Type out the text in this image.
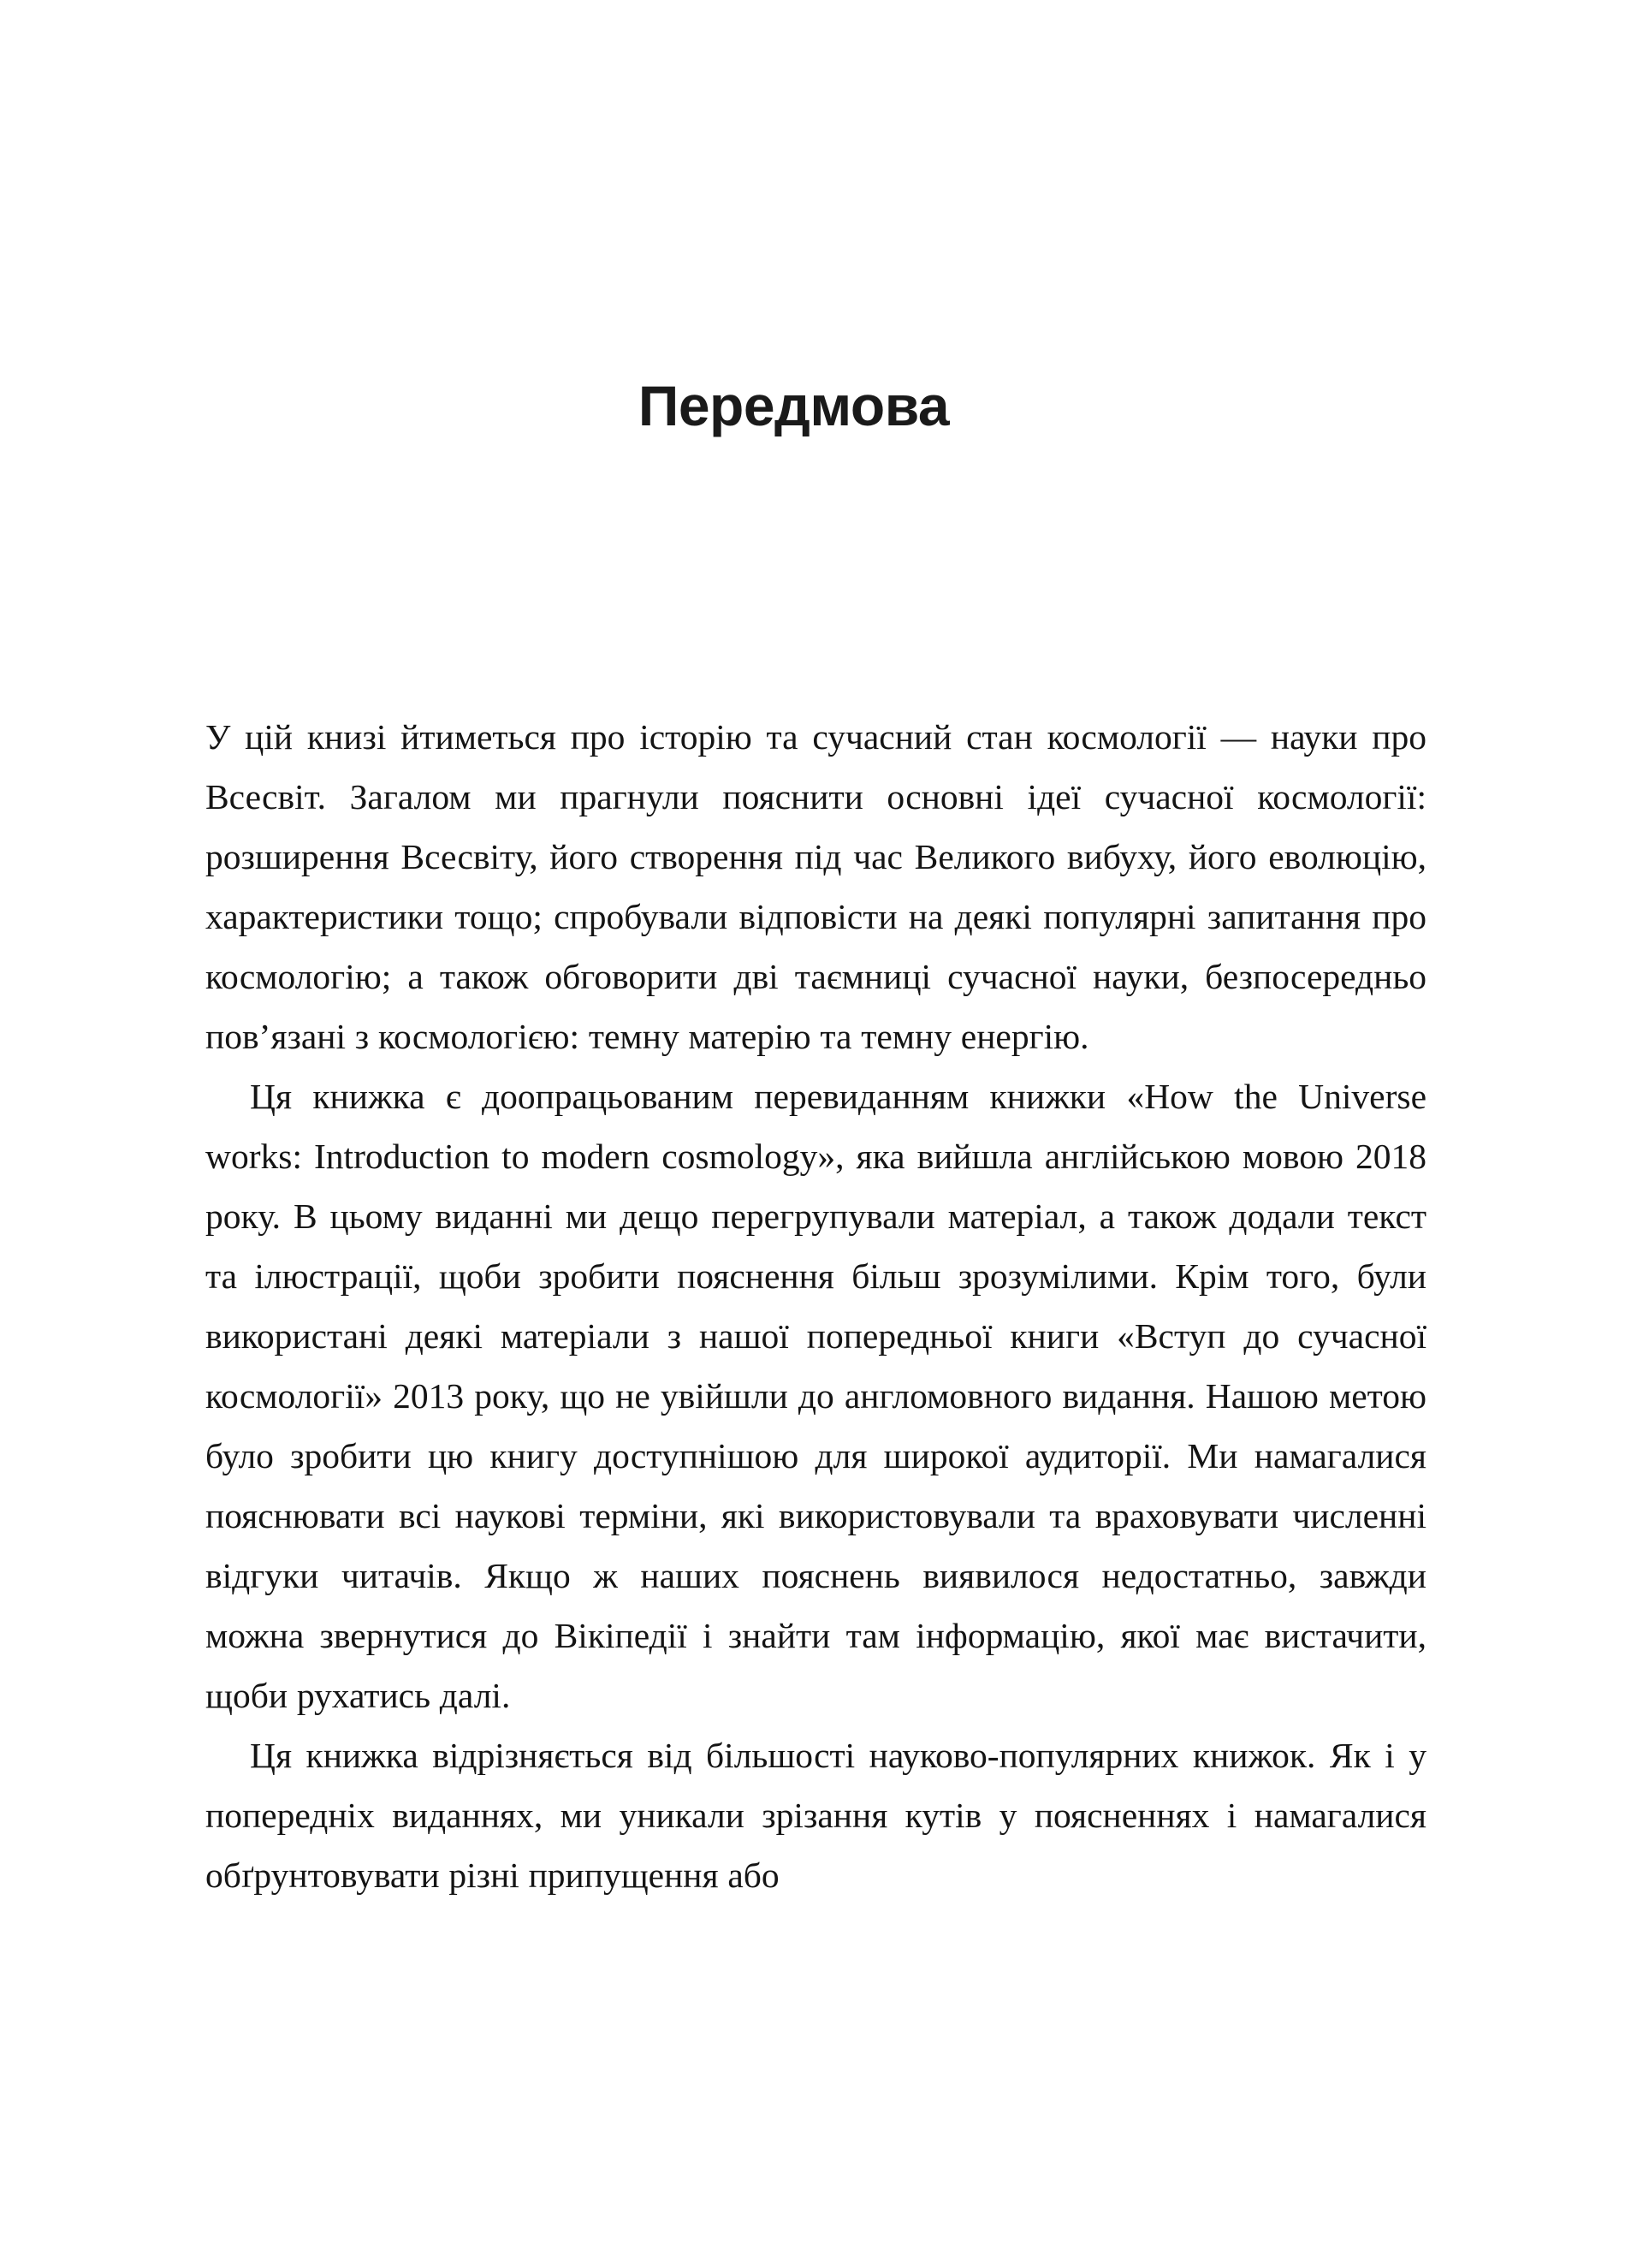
Передмова

У цій книзі йтиметься про історію та сучасний стан космології — науки про Всесвіт. Загалом ми прагнули пояснити основні ідеї сучасної космології: розширення Всесвіту, його створення під час Великого вибуху, його еволюцію, характеристики тощо; спробували відповісти на деякі популярні запитання про космологію; а також обговорити дві таємниці сучасної науки, безпосередньо пов’язані з космологією: темну матерію та темну енергію.

Ця книжка є доопрацьованим перевиданням книжки «How the Universe works: Introduction to modern cosmology», яка вийшла англійською мовою 2018 року. В цьому виданні ми дещо перегрупували матеріал, а також додали текст та ілюстрації, щоби зробити пояснення більш зрозумілими. Крім того, були використані деякі матеріали з нашої попередньої книги «Вступ до сучасної космології» 2013 року, що не увійшли до англомовного видання. Нашою метою було зробити цю книгу доступнішою для широкої аудиторії. Ми намагалися пояснювати всі наукові терміни, які використовували та враховувати численні відгуки читачів. Якщо ж наших пояснень виявилося недостатньо, завжди можна звернутися до Вікіпедії і знайти там інформацію, якої має вистачити, щоби рухатись далі.

Ця книжка відрізняється від більшості науково-популярних книжок. Як і у попередніх виданнях, ми уникали зрізання кутів у поясненнях і намагалися обґрунтовувати різні припущення або
